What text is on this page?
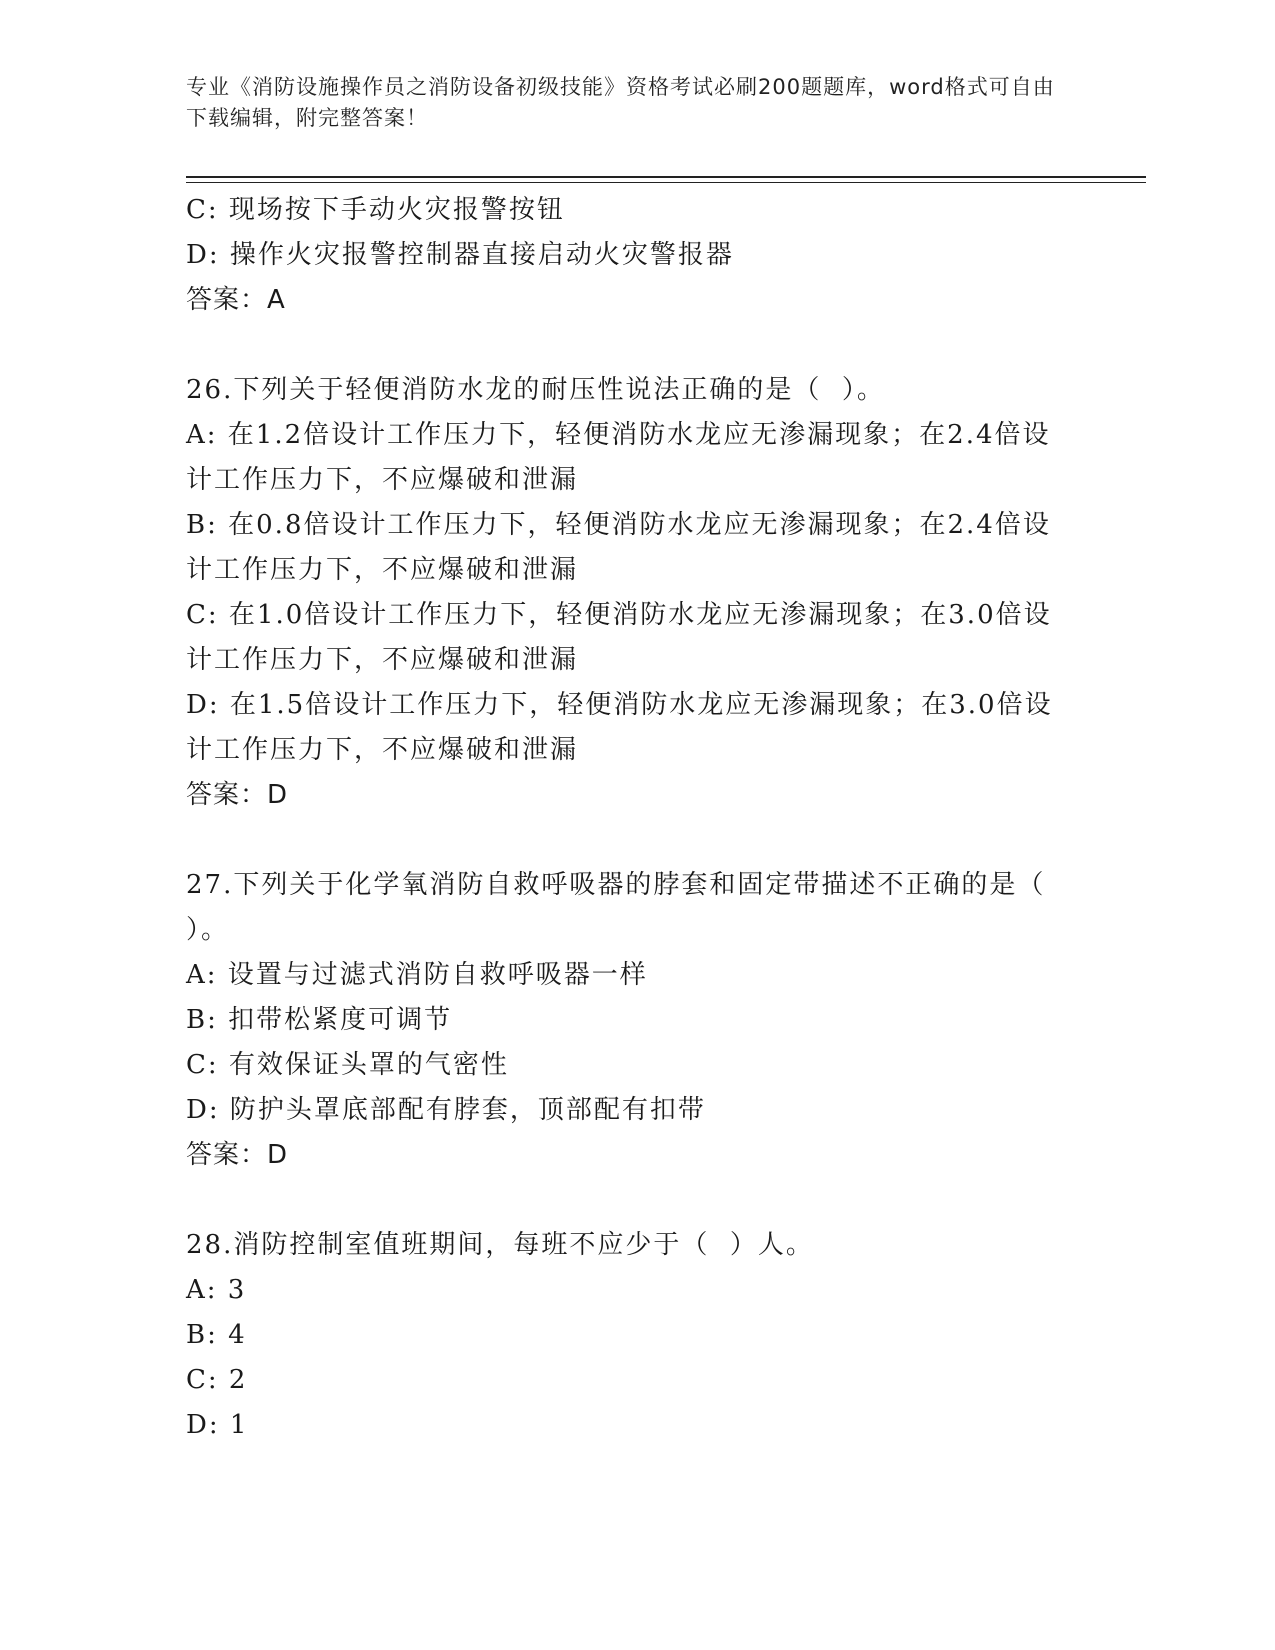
专业《消防设施操作员之消防设备初级技能》资格考试必刷200题题库，word格式可自由下载编辑，附完整答案！
C: 现场按下手动火灾报警按钮
D: 操作火灾报警控制器直接启动火灾警报器
答案：A
26.下列关于轻便消防水龙的耐压性说法正确的是（  ）。
A: 在1.2倍设计工作压力下，轻便消防水龙应无渗漏现象；在2.4倍设计工作压力下，不应爆破和泄漏
B: 在0.8倍设计工作压力下，轻便消防水龙应无渗漏现象；在2.4倍设计工作压力下，不应爆破和泄漏
C: 在1.0倍设计工作压力下，轻便消防水龙应无渗漏现象；在3.0倍设计工作压力下，不应爆破和泄漏
D: 在1.5倍设计工作压力下，轻便消防水龙应无渗漏现象；在3.0倍设计工作压力下，不应爆破和泄漏
答案：D
27.下列关于化学氧消防自救呼吸器的脖套和固定带描述不正确的是（  ）。
A: 设置与过滤式消防自救呼吸器一样
B: 扣带松紧度可调节
C: 有效保证头罩的气密性
D: 防护头罩底部配有脖套，顶部配有扣带
答案：D
28.消防控制室值班期间，每班不应少于（  ）人。
A: 3
B: 4
C: 2
D: 1
